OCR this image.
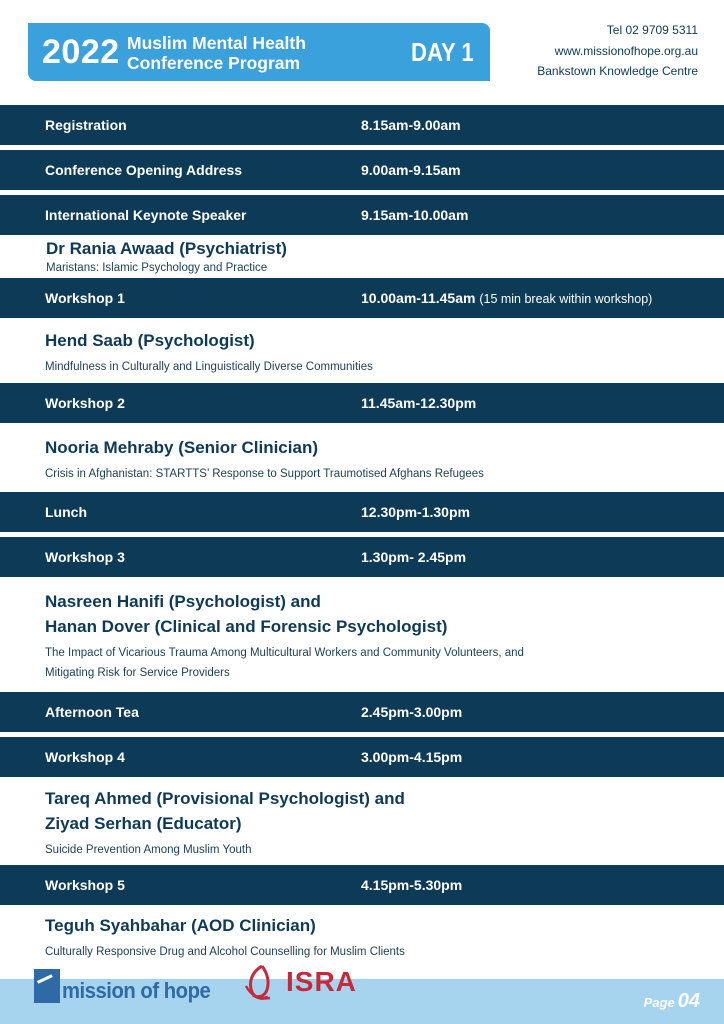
2022 Muslim Mental Health
Conference Program	DAY 1
Tel 02 9709 5311
www.missionofhope.org.au
Bankstown Knowledge Centre
Registration	8.15am-9.00am
Conference Opening Address	9.00am-9.15am
International Keynote Speaker	9.15am-10.00am
Dr Rania Awaad (Psychiatrist)
Maristans: Islamic Psychology and Practice
Workshop 1	10.00am-11.45am (15 min break within workshop)
Hend Saab (Psychologist)
Mindfulness in Culturally and Linguistically Diverse Communities
Workshop 2	11.45am-12.30pm
Nooria Mehraby (Senior Clinician)
Crisis in Afghanistan: STARTTS’ Response to Support Traumotised Afghans Refugees
Lunch	12.30pm-1.30pm
Workshop 3	1.30pm- 2.45pm
Nasreen Hanifi (Psychologist) and
Hanan Dover (Clinical and Forensic Psychologist)
The Impact of Vicarious Trauma Among Multicultural Workers and Community Volunteers, and
Mitigating Risk for Service Providers
Afternoon Tea	2.45pm-3.00pm
Workshop 4	3.00pm-4.15pm
Tareq Ahmed (Provisional Psychologist) and
Ziyad Serhan (Educator)
Suicide Prevention Among Muslim Youth
Workshop 5	4.15pm-5.30pm
Teguh Syahbahar (AOD Clinician)
Culturally Responsive Drug and Alcohol Counselling for Muslim Clients
mission of hope	ISRA
Page 04
